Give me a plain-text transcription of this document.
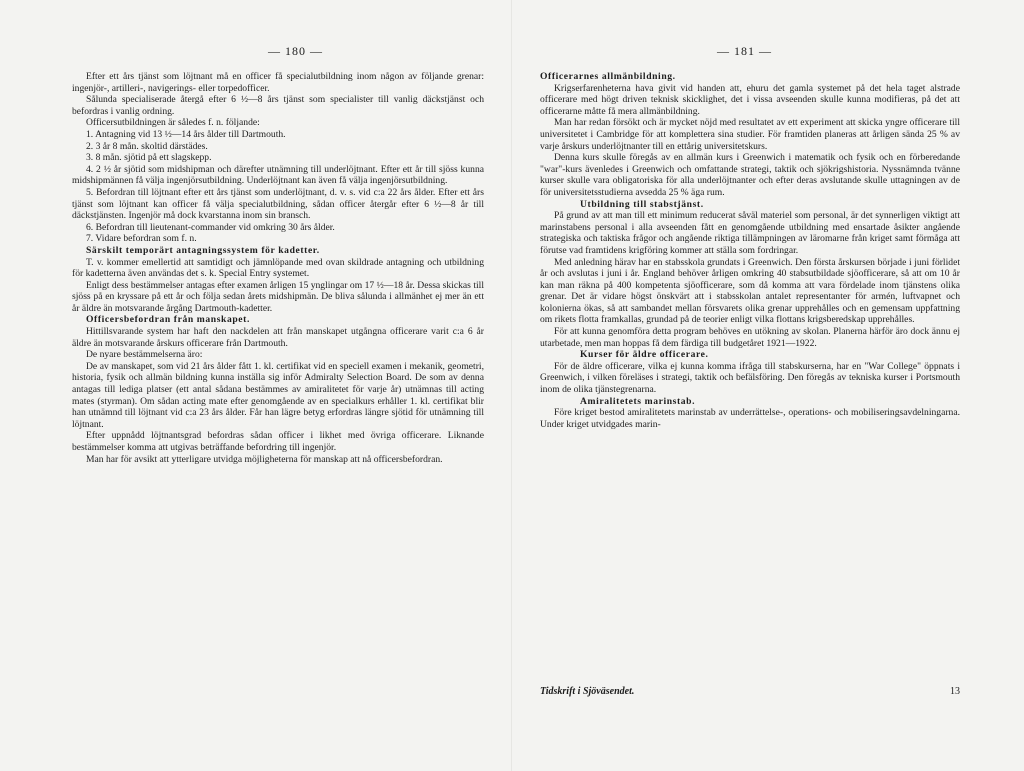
— 180 —

Efter ett års tjänst som löjtnant må en officer få specialutbildning inom någon av följande grenar: ingenjör-, artilleri-, navigerings- eller torpedofficer.

Sålunda specialiserade återgå efter 6 ½—8 års tjänst som specialister till vanlig däckstjänst och befordras i vanlig ordning.

Officersutbildningen är således f. n. följande:

1. Antagning vid 13 ½—14 års ålder till Dartmouth.

2. 3 år 8 mån. skoltid därstädes.

3. 8 mån. sjötid på ett slagskepp.

4. 2 ½ år sjötid som midshipman och därefter utnämning till underlöjtnant. Efter ett år till sjöss kunna midshipmännen få välja ingenjörsutbildning. Underlöjtnant kan även få välja ingenjörsutbildning.

5. Befordran till löjtnant efter ett års tjänst som underlöjtnant, d. v. s. vid c:a 22 års ålder. Efter ett års tjänst som löjtnant kan officer få välja specialutbildning, sådan officer återgår efter 6 ½—8 år till däckstjänsten. Ingenjör må dock kvarstanna inom sin bransch.

6. Befordran till lieutenant-commander vid omkring 30 års ålder.

7. Vidare befordran som f. n.

Särskilt temporärt antagningssystem för kadetter.

T. v. kommer emellertid att samtidigt och jämnlöpande med ovan skildrade antagning och utbildning för kadetterna även användas det s. k. Special Entry systemet.

Enligt dess bestämmelser antagas efter examen årligen 15 ynglingar om 17 ½—18 år. Dessa skickas till sjöss på en kryssare på ett år och följa sedan årets midshipmän. De bliva sålunda i allmänhet ej mer än ett år äldre än motsvarande årgång Dartmouth-kadetter.

Officersbefordran från manskapet.

Hittillsvarande system har haft den nackdelen att från manskapet utgångna officerare varit c:a 6 år äldre än motsvarande årskurs officerare från Dartmouth.

De nyare bestämmelserna äro:

De av manskapet, som vid 21 års ålder fått 1. kl. certifikat vid en speciell examen i mekanik, geometri, historia, fysik och allmän bildning kunna inställa sig inför Admiralty Selection Board. De som av denna antagas till lediga platser (ett antal sådana bestämmes av amiralitetet för varje år) utnämnas till acting mates (styrman). Om sådan acting mate efter genomgående av en specialkurs erhåller 1. kl. certifikat blir han utnämnd till löjtnant vid c:a 23 års ålder. Får han lägre betyg erfordras längre sjötid för utnämning till löjtnant.

Efter uppnådd löjtnantsgrad befordras sådan officer i likhet med övriga officerare. Liknande bestämmelser komma att utgivas beträffande befordring till ingenjör.

Man har för avsikt att ytterligare utvidga möjligheterna för manskap att nå officersbefordran.

— 181 —
Officerarnes allmänbildning.

Krigserfarenheterna hava givit vid handen att, ehuru det gamla systemet på det hela taget alstrade officerare med högt driven teknisk skicklighet, det i vissa avseenden skulle kunna modifieras, på det att officerarne måtte få mera allmänbildning.

Man har redan försökt och är mycket nöjd med resultatet av ett experiment att skicka yngre officerare till universitetet i Cambridge för att komplettera sina studier. För framtiden planeras att årligen sända 25 % av varje årskurs underlöjtnanter till en ettårig universitetskurs.

Denna kurs skulle föregås av en allmän kurs i Greenwich i matematik och fysik och en förberedande "war"-kurs ävenledes i Greenwich och omfattande strategi, taktik och sjökrigshistoria. Nyssnämnda tvänne kurser skulle vara obligatoriska för alla underlöjtnanter och efter deras avslutande skulle uttagningen av de för universitetsstudierna avsedda 25 % äga rum.

Utbildning till stabstjänst.

På grund av att man till ett minimum reducerat såväl materiel som personal, är det synnerligen viktigt att marinstabens personal i alla avseenden fått en genomgående utbildning med ensartade åsikter angående strategiska och taktiska frågor och angående riktiga tillämpningen av läromarne från kriget samt förmåga att förutse vad framtidens krigföring kommer att ställa som fordringar.

Med anledning härav har en stabsskola grundats i Greenwich. Den första årskursen började i juni förlidet år och avslutas i juni i år. England behöver årligen omkring 40 stabsutbildade sjöofficerare, så att om 10 år kan man räkna på 400 kompetenta sjöofficerare, som då komma att vara fördelade inom tjänstens olika grenar. Det är vidare högst önskvärt att i stabsskolan antalet representanter för armén, luftvapnet och kolonierna ökas, så att sambandet mellan försvarets olika grenar upprehålles och en gemensam uppfattning om rikets flotta framkallas, grundad på de teorier enligt vilka flottans krigsberedskap upprehålles.

För att kunna genomföra detta program behöves en utökning av skolan. Planerna härför äro dock ännu ej utarbetade, men man hoppas få dem färdiga till budgetåret 1921—1922.

Kurser för äldre officerare.

För de äldre officerare, vilka ej kunna komma ifråga till stabskurserna, har en "War College" öppnats i Greenwich, i vilken föreläses i strategi, taktik och befälsföring. Den föregås av tekniska kurser i Portsmouth inom de olika tjänstegrenarna.

Amiralitetets marinstab.

Före kriget bestod amiralitetets marinstab av underrättelse-, operations- och mobiliseringsavdelningarna. Under kriget utvidgades marin-

Tidskrift i Sjöväsendet.	13
